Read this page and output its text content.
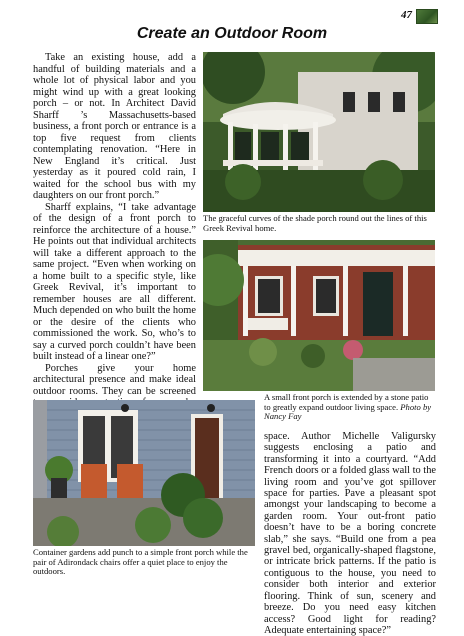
47
Create an Outdoor Room

Take an existing house, add a handful of building materials and a whole lot of physical labor and you might wind up with a great looking porch – or not. In Architect David Sharff ’s Massachusetts-based business, a front porch or entrance is a top five request from clients contemplating renovation. “Here in New England it’s critical. Just yesterday as it poured cold rain, I waited for the school bus with my daughters on our front porch.”

Sharff explains, “I take advantage of the design of a front porch to reinforce the architecture of a house.” He points out that individual architects will take a different approach to the same project. “Even when working on a home built to a specific style, like Greek Revival, it’s important to remember houses are all different. Much depended on who built the home or the desire of the clients who commissioned the work. So, who’s to say a curved porch couldn’t have been built instead of a linear one?”

Porches give your home architectural presence and make ideal outdoor rooms. They can be screened

The graceful curves of the shade porch round out the lines of this Greek Revival home.
A small front porch is extended by a stone patio to greatly expand outdoor living space. Photo by Nancy Fay
Container gardens add punch to a simple front porch while the pair of Adirondack chairs offer a quiet place to enjoy the outdoors.

space. Author Michelle Valigursky suggests enclosing a patio and transforming it into a courtyard. “Add French doors or a folded glass wall to the living room and you’ve got spillover space for parties. Pave a pleasant spot amongst your landscaping to become a garden room. Your out-front patio doesn’t have to be a boring concrete slab,” she says. “Build one from a pea gravel bed, organically-shaped flagstone, or intricate brick patterns. If the patio is contiguous to the house, you need to consider both interior and exterior flooring. Think of sun, scenery and breeze. Do you need easy kitchen access? Good light for reading? Adequate entertaining space?”
